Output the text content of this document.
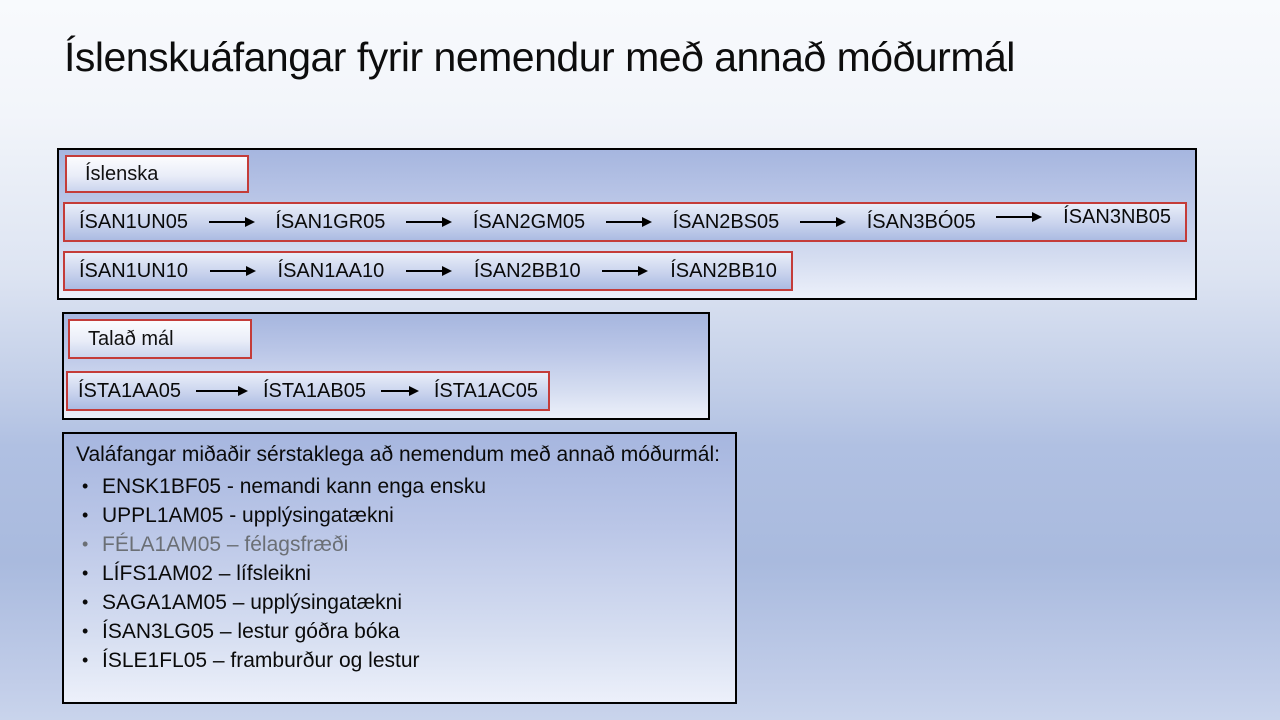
Íslenskuáfangar fyrir nemendur með annað móðurmál
Íslenska
ÍSAN1UN05	ÍSAN1GR05	ÍSAN2GM05	ÍSAN2BS05	ÍSAN3BÓ05	ÍSAN3NB05
ÍSAN1UN10	ÍSAN1AA10	ÍSAN2BB10	ÍSAN2BB10
Talað mál
ÍSTA1AA05	ÍSTA1AB05	ÍSTA1AC05

Valáfangar miðaðir sérstaklega að nemendum með annað móðurmál:

• ENSK1BF05 - nemandi kann enga ensku
• UPPL1AM05 - upplýsingatækni
• FÉLA1AM05 – félagsfræði
• LÍFS1AM02 – lífsleikni
• SAGA1AM05 – upplýsingatækni
• ÍSAN3LG05 – lestur góðra bóka
• ÍSLE1FL05 – framburður og lestur
